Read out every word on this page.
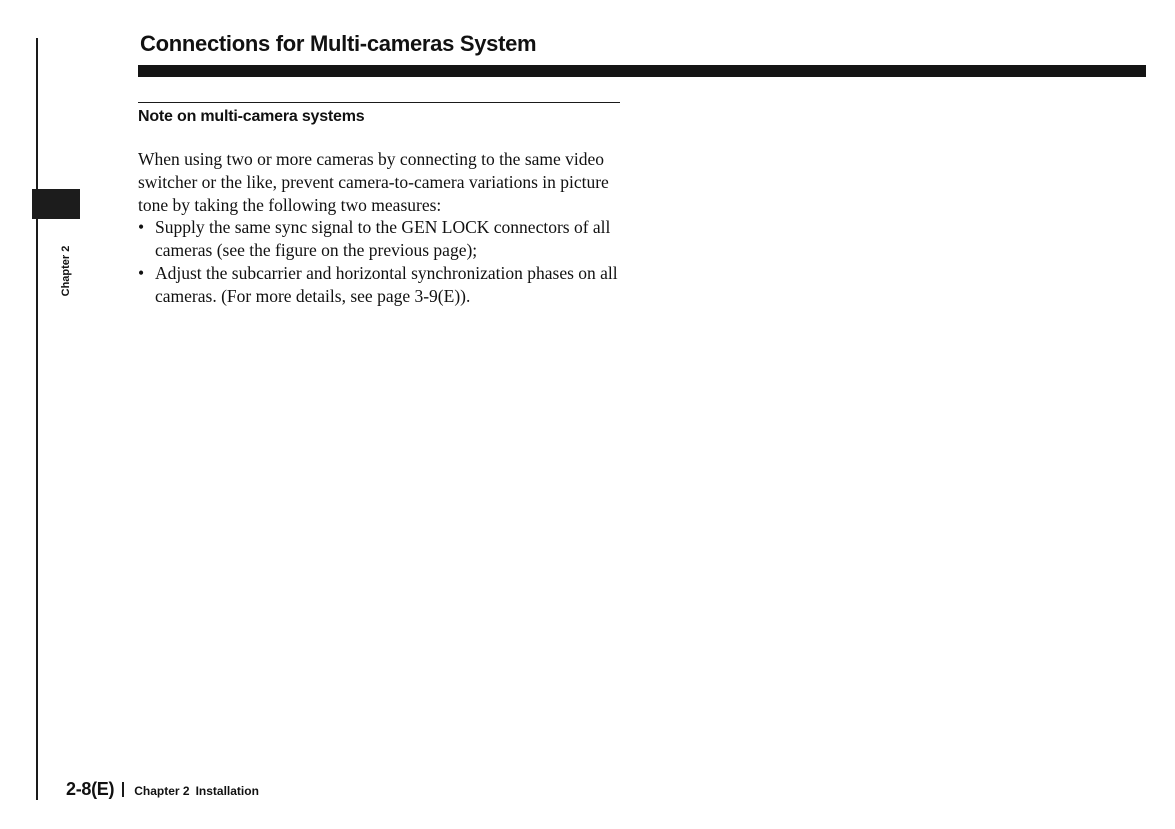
Chapter 2
Connections for Multi-cameras System
Note on multi-camera systems

When using two or more cameras by connecting to the same video switcher or the like, prevent camera-to-camera variations in picture tone by taking the following two measures:

• Supply the same sync signal to the GEN LOCK connectors of all cameras (see the figure on the previous page);
• Adjust the subcarrier and horizontal synchronization phases on all cameras. (For more details, see page 3-9(E)).
2-8(E) Chapter 2 Installation
